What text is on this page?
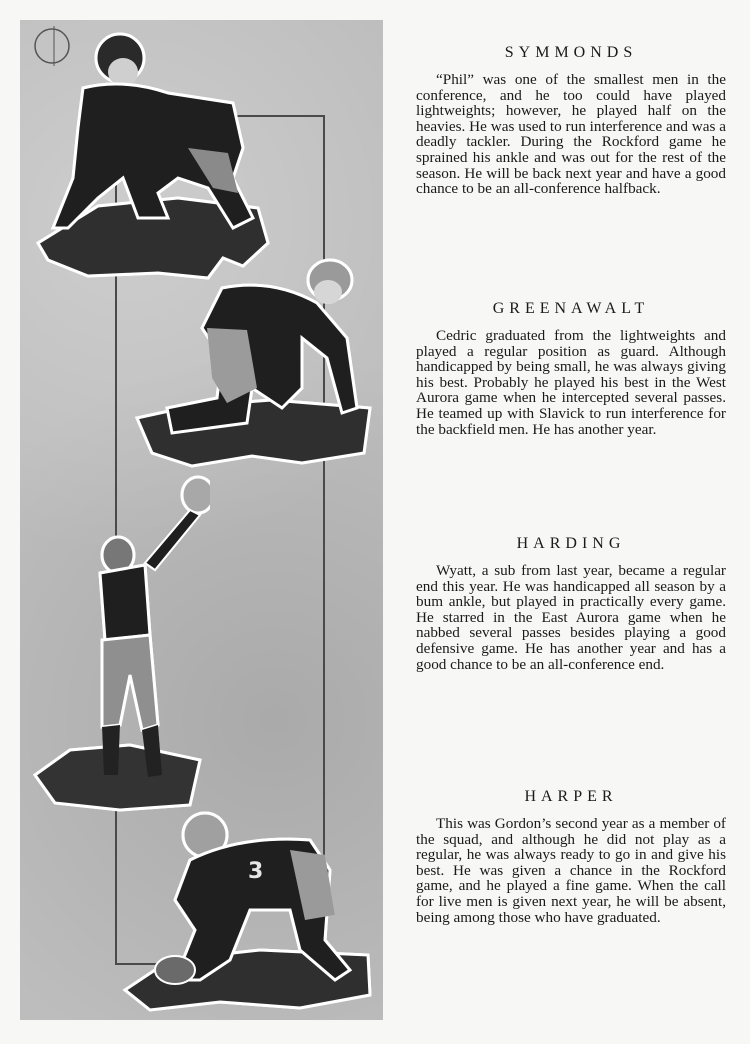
3
SYMMONDS

“Phil” was one of the smallest men in the conference, and he too could have played lightweights; however, he played half on the heavies. He was used to run interference and was a deadly tackler. During the Rockford game he sprained his ankle and was out for the rest of the season. He will be back next year and have a good chance to be an all-conference halfback.

GREENAWALT

Cedric graduated from the lightweights and played a regular position as guard. Although handicapped by being small, he was always giving his best. Probably he played his best in the West Aurora game when he intercepted several passes. He teamed up with Slavick to run interference for the backfield men. He has another year.

HARDING

Wyatt, a sub from last year, became a regular end this year. He was handicapped all season by a bum ankle, but played in practically every game. He starred in the East Aurora game when he nabbed several passes besides playing a good defensive game. He has another year and has a good chance to be an all-conference end.

HARPER

This was Gordon’s second year as a member of the squad, and although he did not play as a regular, he was always ready to go in and give his best. He was given a chance in the Rockford game, and he played a fine game. When the call for live men is given next year, he will be absent, being among those who have graduated.
